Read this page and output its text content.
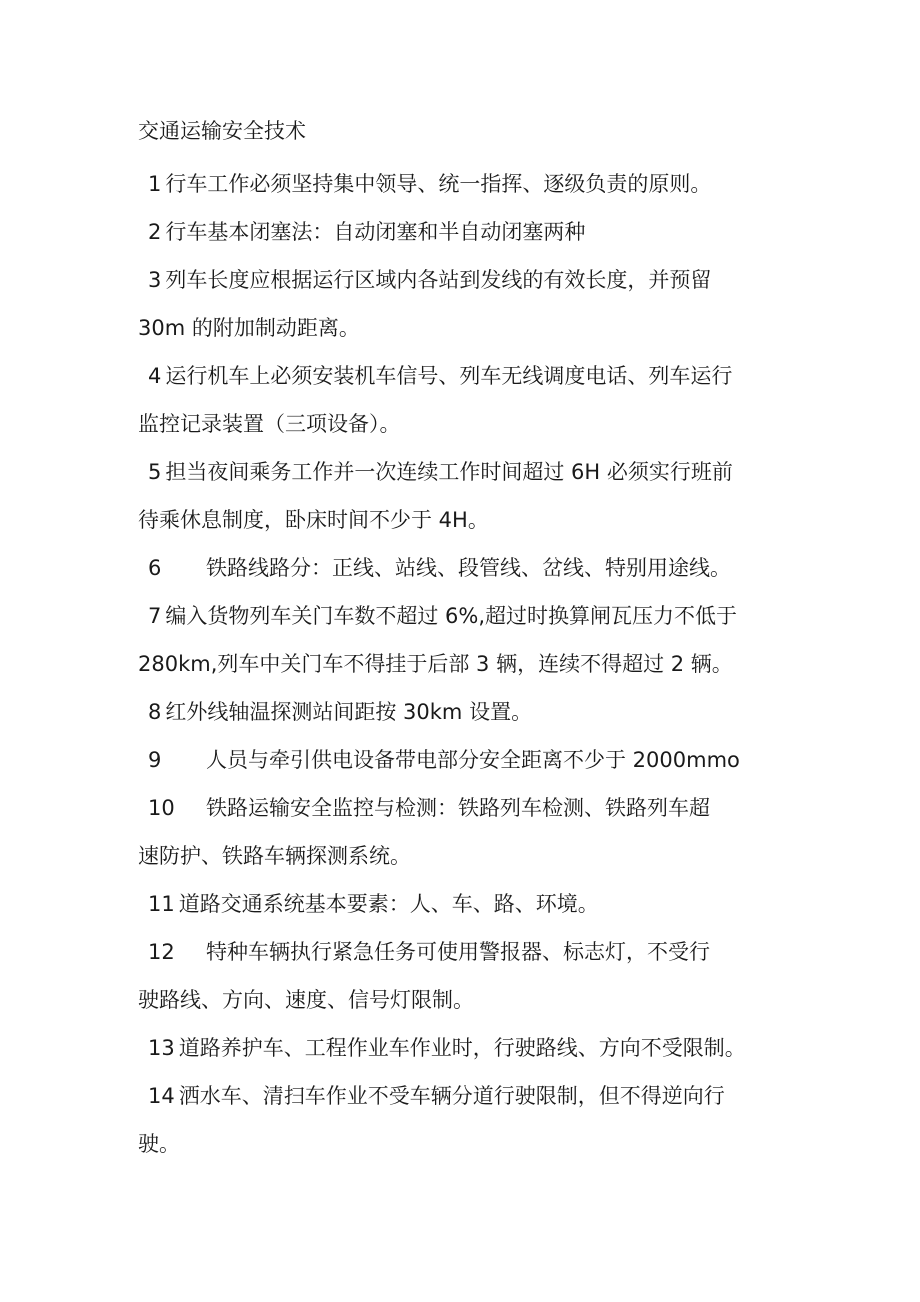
交通运输安全技术
1 行车工作必须坚持集中领导、统一指挥、逐级负责的原则。
2 行车基本闭塞法：自动闭塞和半自动闭塞两种
3 列车长度应根据运行区域内各站到发线的有效长度，并预留
30m 的附加制动距离。
4 运行机车上必须安装机车信号、列车无线调度电话、列车运行
监控记录装置（三项设备）。
5 担当夜间乘务工作并一次连续工作时间超过 6H 必须实行班前
待乘休息制度，卧床时间不少于 4H。
6 铁路线路分：正线、站线、段管线、岔线、特别用途线。
7 编入货物列车关门车数不超过 6%,超过时换算闸瓦压力不低于
280km,列车中关门车不得挂于后部 3 辆，连续不得超过 2 辆。
8 红外线轴温探测站间距按 30km 设置。
9 人员与牵引供电设备带电部分安全距离不少于 2000mmo
10 铁路运输安全监控与检测：铁路列车检测、铁路列车超
速防护、铁路车辆探测系统。
11 道路交通系统基本要素：人、车、路、环境。
12 特种车辆执行紧急任务可使用警报器、标志灯，不受行
驶路线、方向、速度、信号灯限制。
13 道路养护车、工程作业车作业时，行驶路线、方向不受限制。
14 洒水车、清扫车作业不受车辆分道行驶限制，但不得逆向行
驶。
